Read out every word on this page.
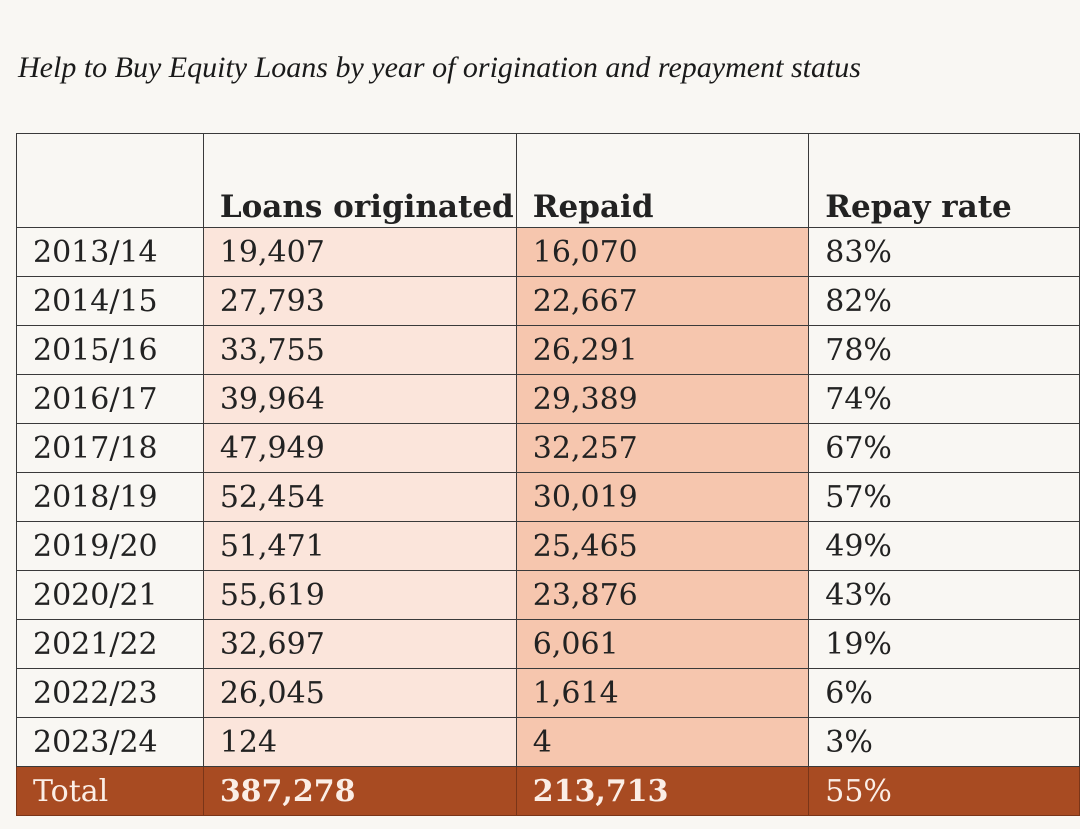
Help to Buy Equity Loans by year of origination and repayment status
	Loans originated	Repaid	Repay rate
2013/14	19,407	16,070	83%
2014/15	27,793	22,667	82%
2015/16	33,755	26,291	78%
2016/17	39,964	29,389	74%
2017/18	47,949	32,257	67%
2018/19	52,454	30,019	57%
2019/20	51,471	25,465	49%
2020/21	55,619	23,876	43%
2021/22	32,697	6,061	19%
2022/23	26,045	1,614	6%
2023/24	124	4	3%
Total	387,278	213,713	55%
